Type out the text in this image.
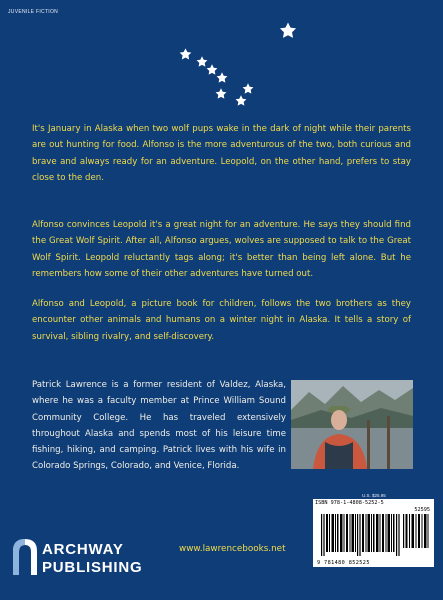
JUVENILE FICTION

It's January in Alaska when two wolf pups wake in the dark of night while their parents are out hunting for food. Alfonso is the more adventurous of the two, both curious and brave and always ready for an adventure. Leopold, on the other hand, prefers to stay close to the den.

Alfonso convinces Leopold it's a great night for an adventure. He says they should find the Great Wolf Spirit. After all, Alfonso argues, wolves are supposed to talk to the Great Wolf Spirit. Leopold reluctantly tags along; it's better than being left alone. But he remembers how some of their other adventures have turned out.

Alfonso and Leopold, a picture book for children, follows the two brothers as they encounter other animals and humans on a winter night in Alaska. It tells a story of survival, sibling rivalry, and self-discovery.

Patrick Lawrence is a former resident of Valdez, Alaska, where he was a faculty member at Prince William Sound Community College. He has traveled extensively throughout Alaska and spends most of his leisure time fishing, hiking, and camping. Patrick lives with his wife in Colorado Springs, Colorado, and Venice, Florida.

U.S. $25.95
ISBN 978-1-4808-5252-5
52595
9 781480 852525
ARCHWAY
PUBLISHING
www.lawrencebooks.net
